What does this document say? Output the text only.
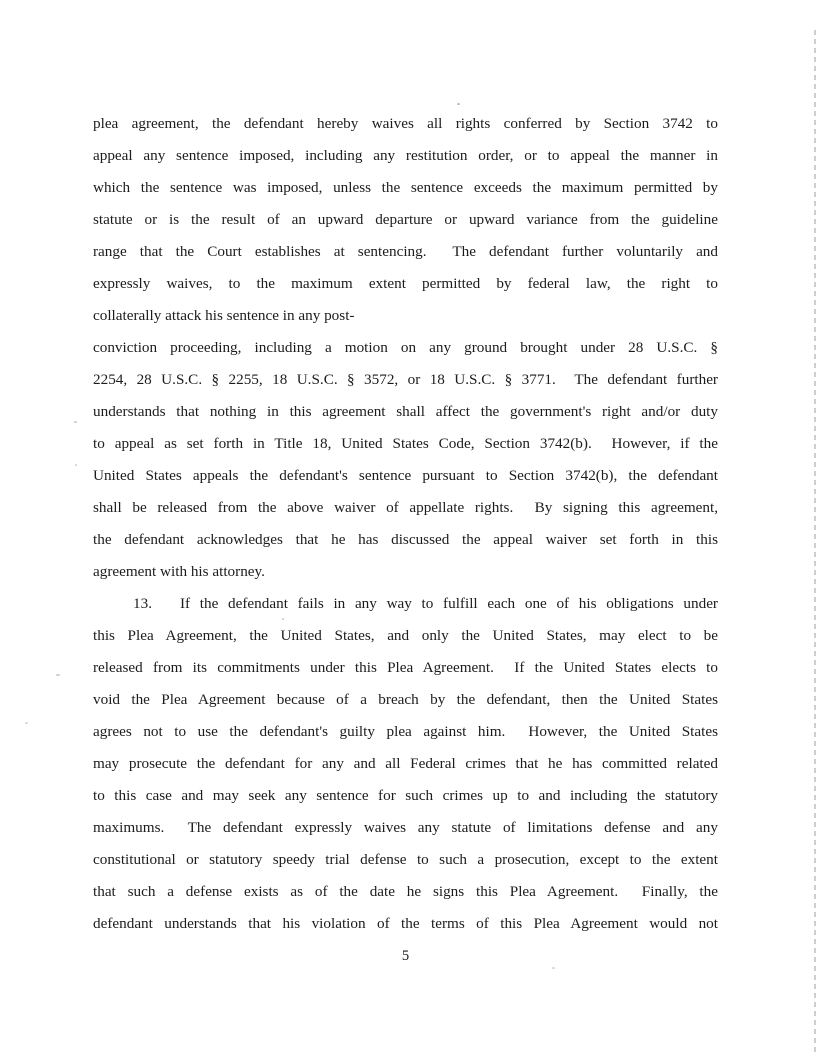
plea agreement, the defendant hereby waives all rights conferred by Section 3742 to
appeal any sentence imposed, including any restitution order, or to appeal the manner in
which the sentence was imposed, unless the sentence exceeds the maximum permitted by
statute or is the result of an upward departure or upward variance from the guideline
range that the Court establishes at sentencing.  The defendant further voluntarily and
expressly waives, to the maximum extent permitted by federal law, the right to
collaterally attack his sentence in any post-
conviction proceeding, including a motion on any ground brought under 28 U.S.C. §
2254, 28 U.S.C. § 2255, 18 U.S.C. § 3572, or 18 U.S.C. § 3771.  The defendant further
understands that nothing in this agreement shall affect the government's right and/or duty
to appeal as set forth in Title 18, United States Code, Section 3742(b).  However, if the
United States appeals the defendant's sentence pursuant to Section 3742(b), the defendant
shall be released from the above waiver of appellate rights.  By signing this agreement,
the defendant acknowledges that he has discussed the appeal waiver set forth in this
agreement with his attorney.
13. If the defendant fails in any way to fulfill each one of his obligations under
this Plea Agreement, the United States, and only the United States, may elect to be
released from its commitments under this Plea Agreement.  If the United States elects to
void the Plea Agreement because of a breach by the defendant, then the United States
agrees not to use the defendant's guilty plea against him.  However, the United States
may prosecute the defendant for any and all Federal crimes that he has committed related
to this case and may seek any sentence for such crimes up to and including the statutory
maximums.  The defendant expressly waives any statute of limitations defense and any
constitutional or statutory speedy trial defense to such a prosecution, except to the extent
that such a defense exists as of the date he signs this Plea Agreement.  Finally, the
defendant understands that his violation of the terms of this Plea Agreement would not
5
